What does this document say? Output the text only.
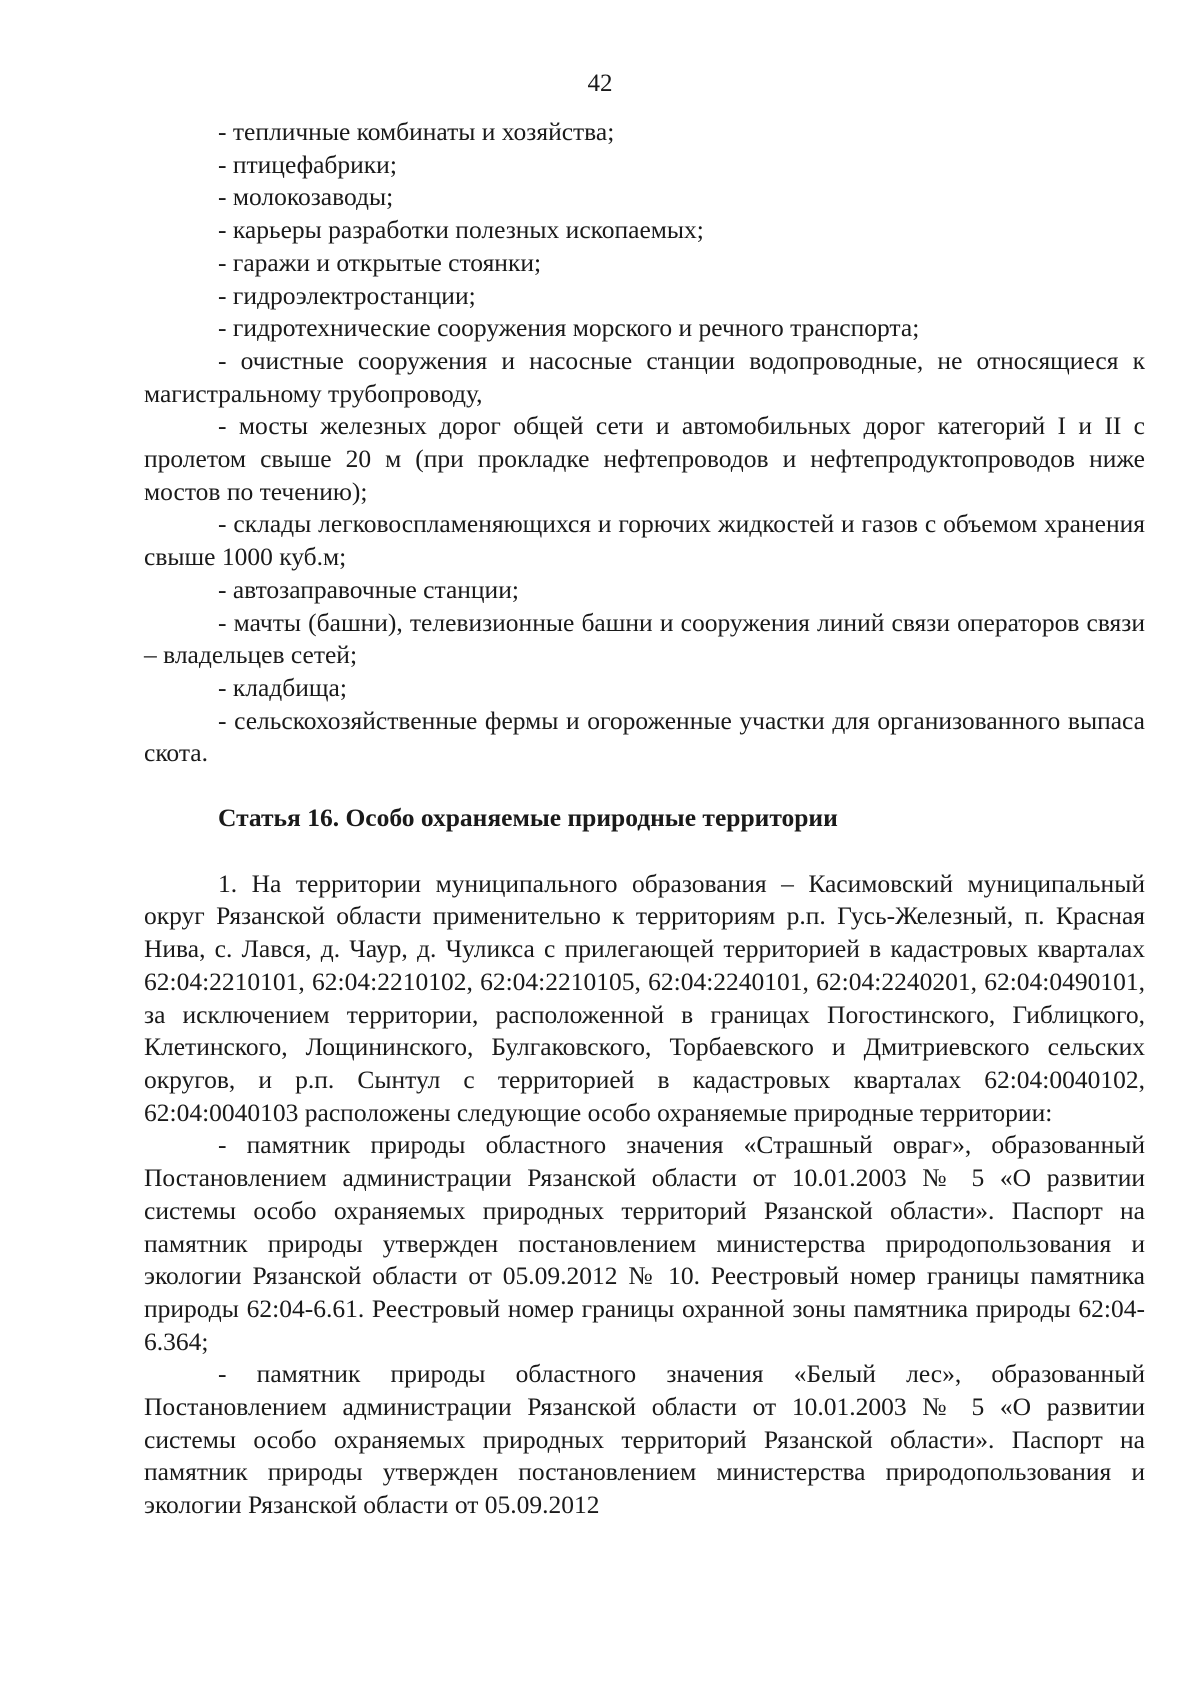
42

- тепличные комбинаты и хозяйства;

- птицефабрики;

- молокозаводы;

- карьеры разработки полезных ископаемых;

- гаражи и открытые стоянки;

- гидроэлектростанции;

- гидротехнические сооружения морского и речного транспорта;

- очистные сооружения и насосные станции водопроводные, не относящиеся к магистральному трубопроводу,

- мосты железных дорог общей сети и автомобильных дорог категорий I и II с пролетом свыше 20 м (при прокладке нефтепроводов и нефтепродуктопроводов ниже мостов по течению);

- склады легковоспламеняющихся и горючих жидкостей и газов с объемом хранения свыше 1000 куб.м;

- автозаправочные станции;

- мачты (башни), телевизионные башни и сооружения линий связи операторов связи – владельцев сетей;

- кладбища;

- сельскохозяйственные фермы и огороженные участки для организованного выпаса скота.

Статья 16. Особо охраняемые природные территории

1. На территории муниципального образования – Касимовский муниципальный округ Рязанской области применительно к территориям р.п. Гусь-Железный, п. Красная Нива, с. Лався, д. Чаур, д. Чуликса с прилегающей территорией в кадастровых кварталах 62:04:2210101, 62:04:2210102, 62:04:2210105, 62:04:2240101, 62:04:2240201, 62:04:0490101, за исключением территории, расположенной в границах Погостинского, Гиблицкого, Клетинского, Лощининского, Булгаковского, Торбаевского и Дмитриевского сельских округов, и р.п. Сынтул с территорией в кадастровых кварталах 62:04:0040102, 62:04:0040103 расположены следующие особо охраняемые природные территории:

- памятник природы областного значения «Страшный овраг», образованный Постановлением администрации Рязанской области от 10.01.2003 № 5 «О развитии системы особо охраняемых природных территорий Рязанской области». Паспорт на памятник природы утвержден постановлением министерства природопользования и экологии Рязанской области от 05.09.2012 № 10. Реестровый номер границы памятника природы 62:04-6.61. Реестровый номер границы охранной зоны памятника природы 62:04-6.364;

- памятник природы областного значения «Белый лес», образованный Постановлением администрации Рязанской области от 10.01.2003 № 5 «О развитии системы особо охраняемых природных территорий Рязанской области». Паспорт на памятник природы утвержден постановлением министерства природопользования и экологии Рязанской области от 05.09.2012
